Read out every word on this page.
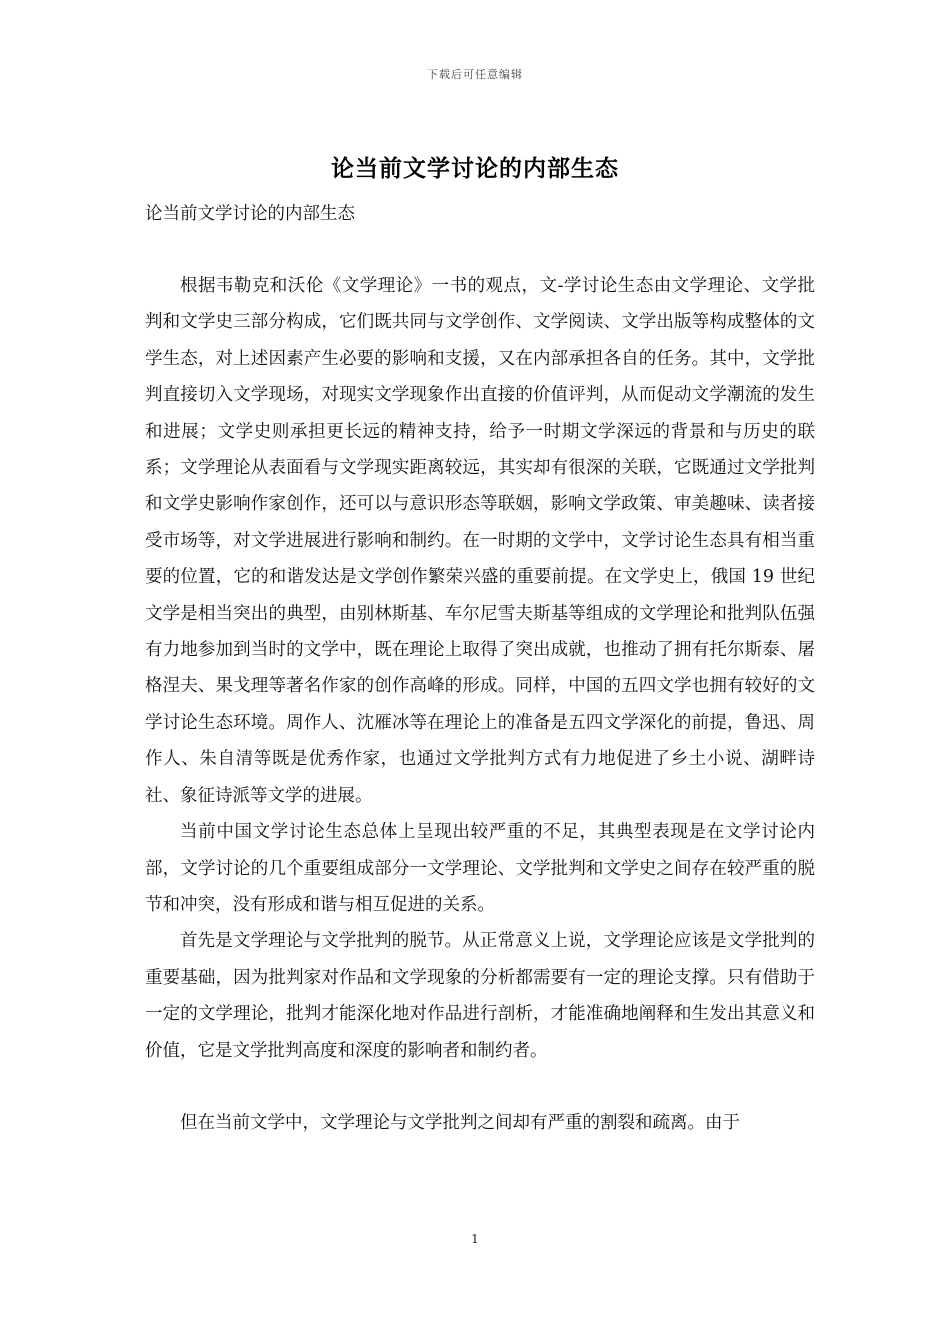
下载后可任意编辑
论当前文学讨论的内部生态
论当前文学讨论的内部生态

根据韦勒克和沃伦《文学理论》一书的观点，文-学讨论生态由文学理论、文学批判和文学史三部分构成，它们既共同与文学创作、文学阅读、文学出版等构成整体的文学生态，对上述因素产生必要的影响和支援，又在内部承担各自的任务。其中，文学批判直接切入文学现场，对现实文学现象作出直接的价值评判，从而促动文学潮流的发生和进展；文学史则承担更长远的精神支持，给予一时期文学深远的背景和与历史的联系；文学理论从表面看与文学现实距离较远，其实却有很深的关联，它既通过文学批判和文学史影响作家创作，还可以与意识形态等联姻，影响文学政策、审美趣味、读者接受市场等，对文学进展进行影响和制约。在一时期的文学中，文学讨论生态具有相当重要的位置，它的和谐发达是文学创作繁荣兴盛的重要前提。在文学史上，俄国 19 世纪文学是相当突出的典型，由别林斯基、车尔尼雪夫斯基等组成的文学理论和批判队伍强有力地参加到当时的文学中，既在理论上取得了突出成就，也推动了拥有托尔斯泰、屠格涅夫、果戈理等著名作家的创作高峰的形成。同样，中国的五四文学也拥有较好的文学讨论生态环境。周作人、沈雁冰等在理论上的准备是五四文学深化的前提，鲁迅、周作人、朱自清等既是优秀作家，也通过文学批判方式有力地促进了乡土小说、湖畔诗社、象征诗派等文学的进展。

当前中国文学讨论生态总体上呈现出较严重的不足，其典型表现是在文学讨论内部，文学讨论的几个重要组成部分一文学理论、文学批判和文学史之间存在较严重的脱节和冲突，没有形成和谐与相互促进的关系。

首先是文学理论与文学批判的脱节。从正常意义上说，文学理论应该是文学批判的重要基础，因为批判家对作品和文学现象的分析都需要有一定的理论支撑。只有借助于一定的文学理论，批判才能深化地对作品进行剖析，才能准确地阐释和生发出其意义和价值，它是文学批判高度和深度的影响者和制约者。

但在当前文学中，文学理论与文学批判之间却有严重的割裂和疏离。由于

1
